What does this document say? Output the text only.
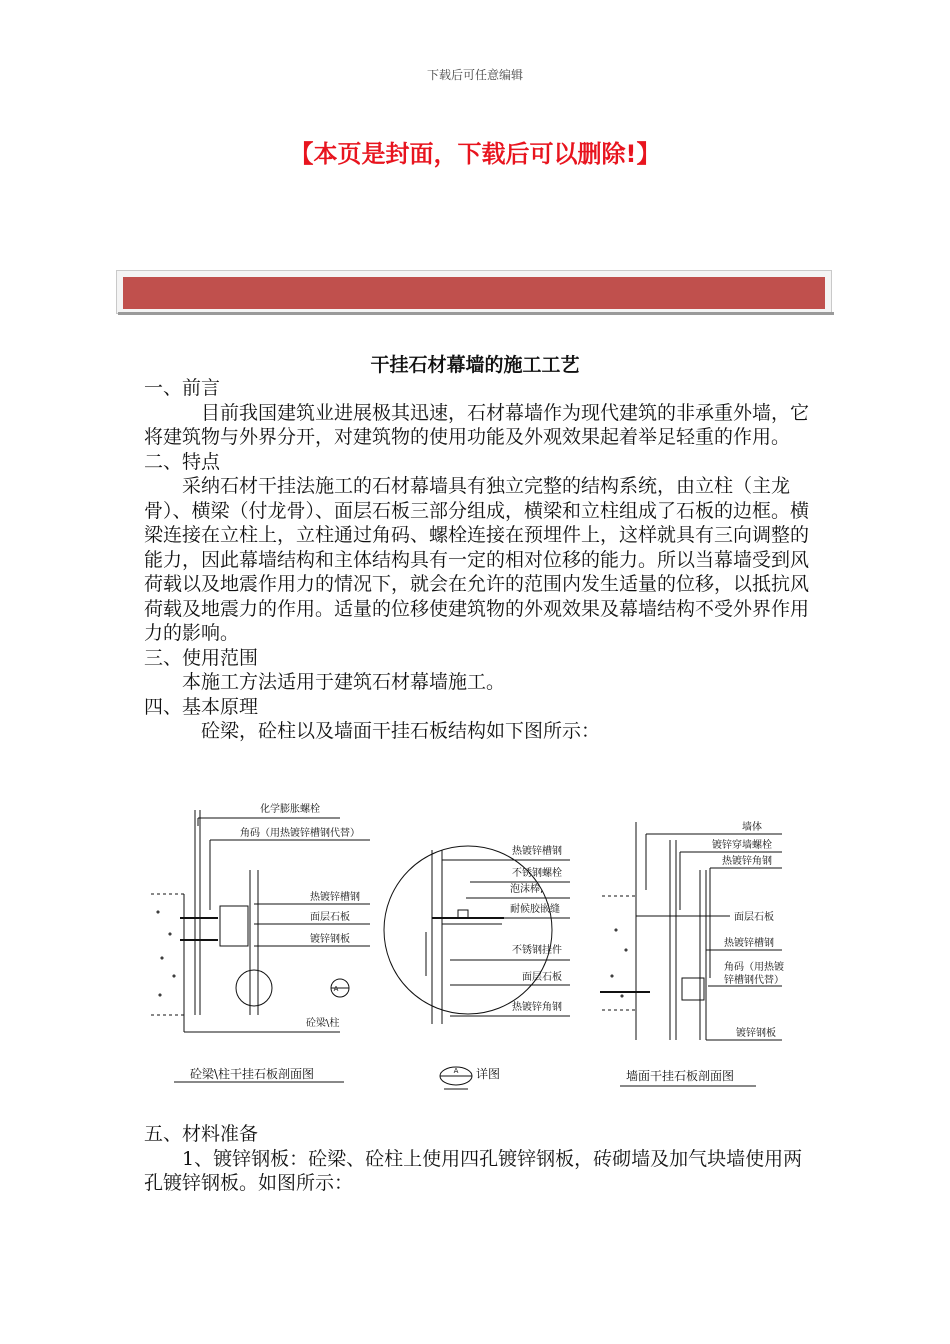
下载后可任意编辑
【本页是封面，下载后可以删除!】
干挂石材幕墙的施工工艺

一、前言

目前我国建筑业进展极其迅速，石材幕墙作为现代建筑的非承重外墙，它将建筑物与外界分开，对建筑物的使用功能及外观效果起着举足轻重的作用。

二、特点

采纳石材干挂法施工的石材幕墙具有独立完整的结构系统，由立柱（主龙骨）、横梁（付龙骨）、面层石板三部分组成，横梁和立柱组成了石板的边框。横梁连接在立柱上，立柱通过角码、螺栓连接在预埋件上，这样就具有三向调整的能力，因此幕墙结构和主体结构具有一定的相对位移的能力。所以当幕墙受到风荷载以及地震作用力的情况下，就会在允许的范围内发生适量的位移，以抵抗风荷载及地震力的作用。适量的位移使建筑物的外观效果及幕墙结构不受外界作用力的影响。

三、使用范围

本施工方法适用于建筑石材幕墙施工。

四、基本原理

砼梁，砼柱以及墙面干挂石板结构如下图所示：

化学膨胀螺栓
角码（用热镀锌槽钢代替）
热镀锌槽钢
面层石板
镀锌钢板
砼梁\柱
A
砼梁\柱干挂石板剖面图
热镀锌槽钢
不锈钢螺栓
泡沫棒,
耐候胶嵌缝
不锈钢挂件
面层石板
热镀锌角钢
A 详图
墙体
镀锌穿墙螺栓
热镀锌角钢
面层石板
热镀锌槽钢
角码（用热镀
锌槽钢代替）
镀锌钢板
墙面干挂石板剖面图

五、材料准备

1、镀锌钢板：砼梁、砼柱上使用四孔镀锌钢板，砖砌墙及加气块墙使用两孔镀锌钢板。如图所示：
